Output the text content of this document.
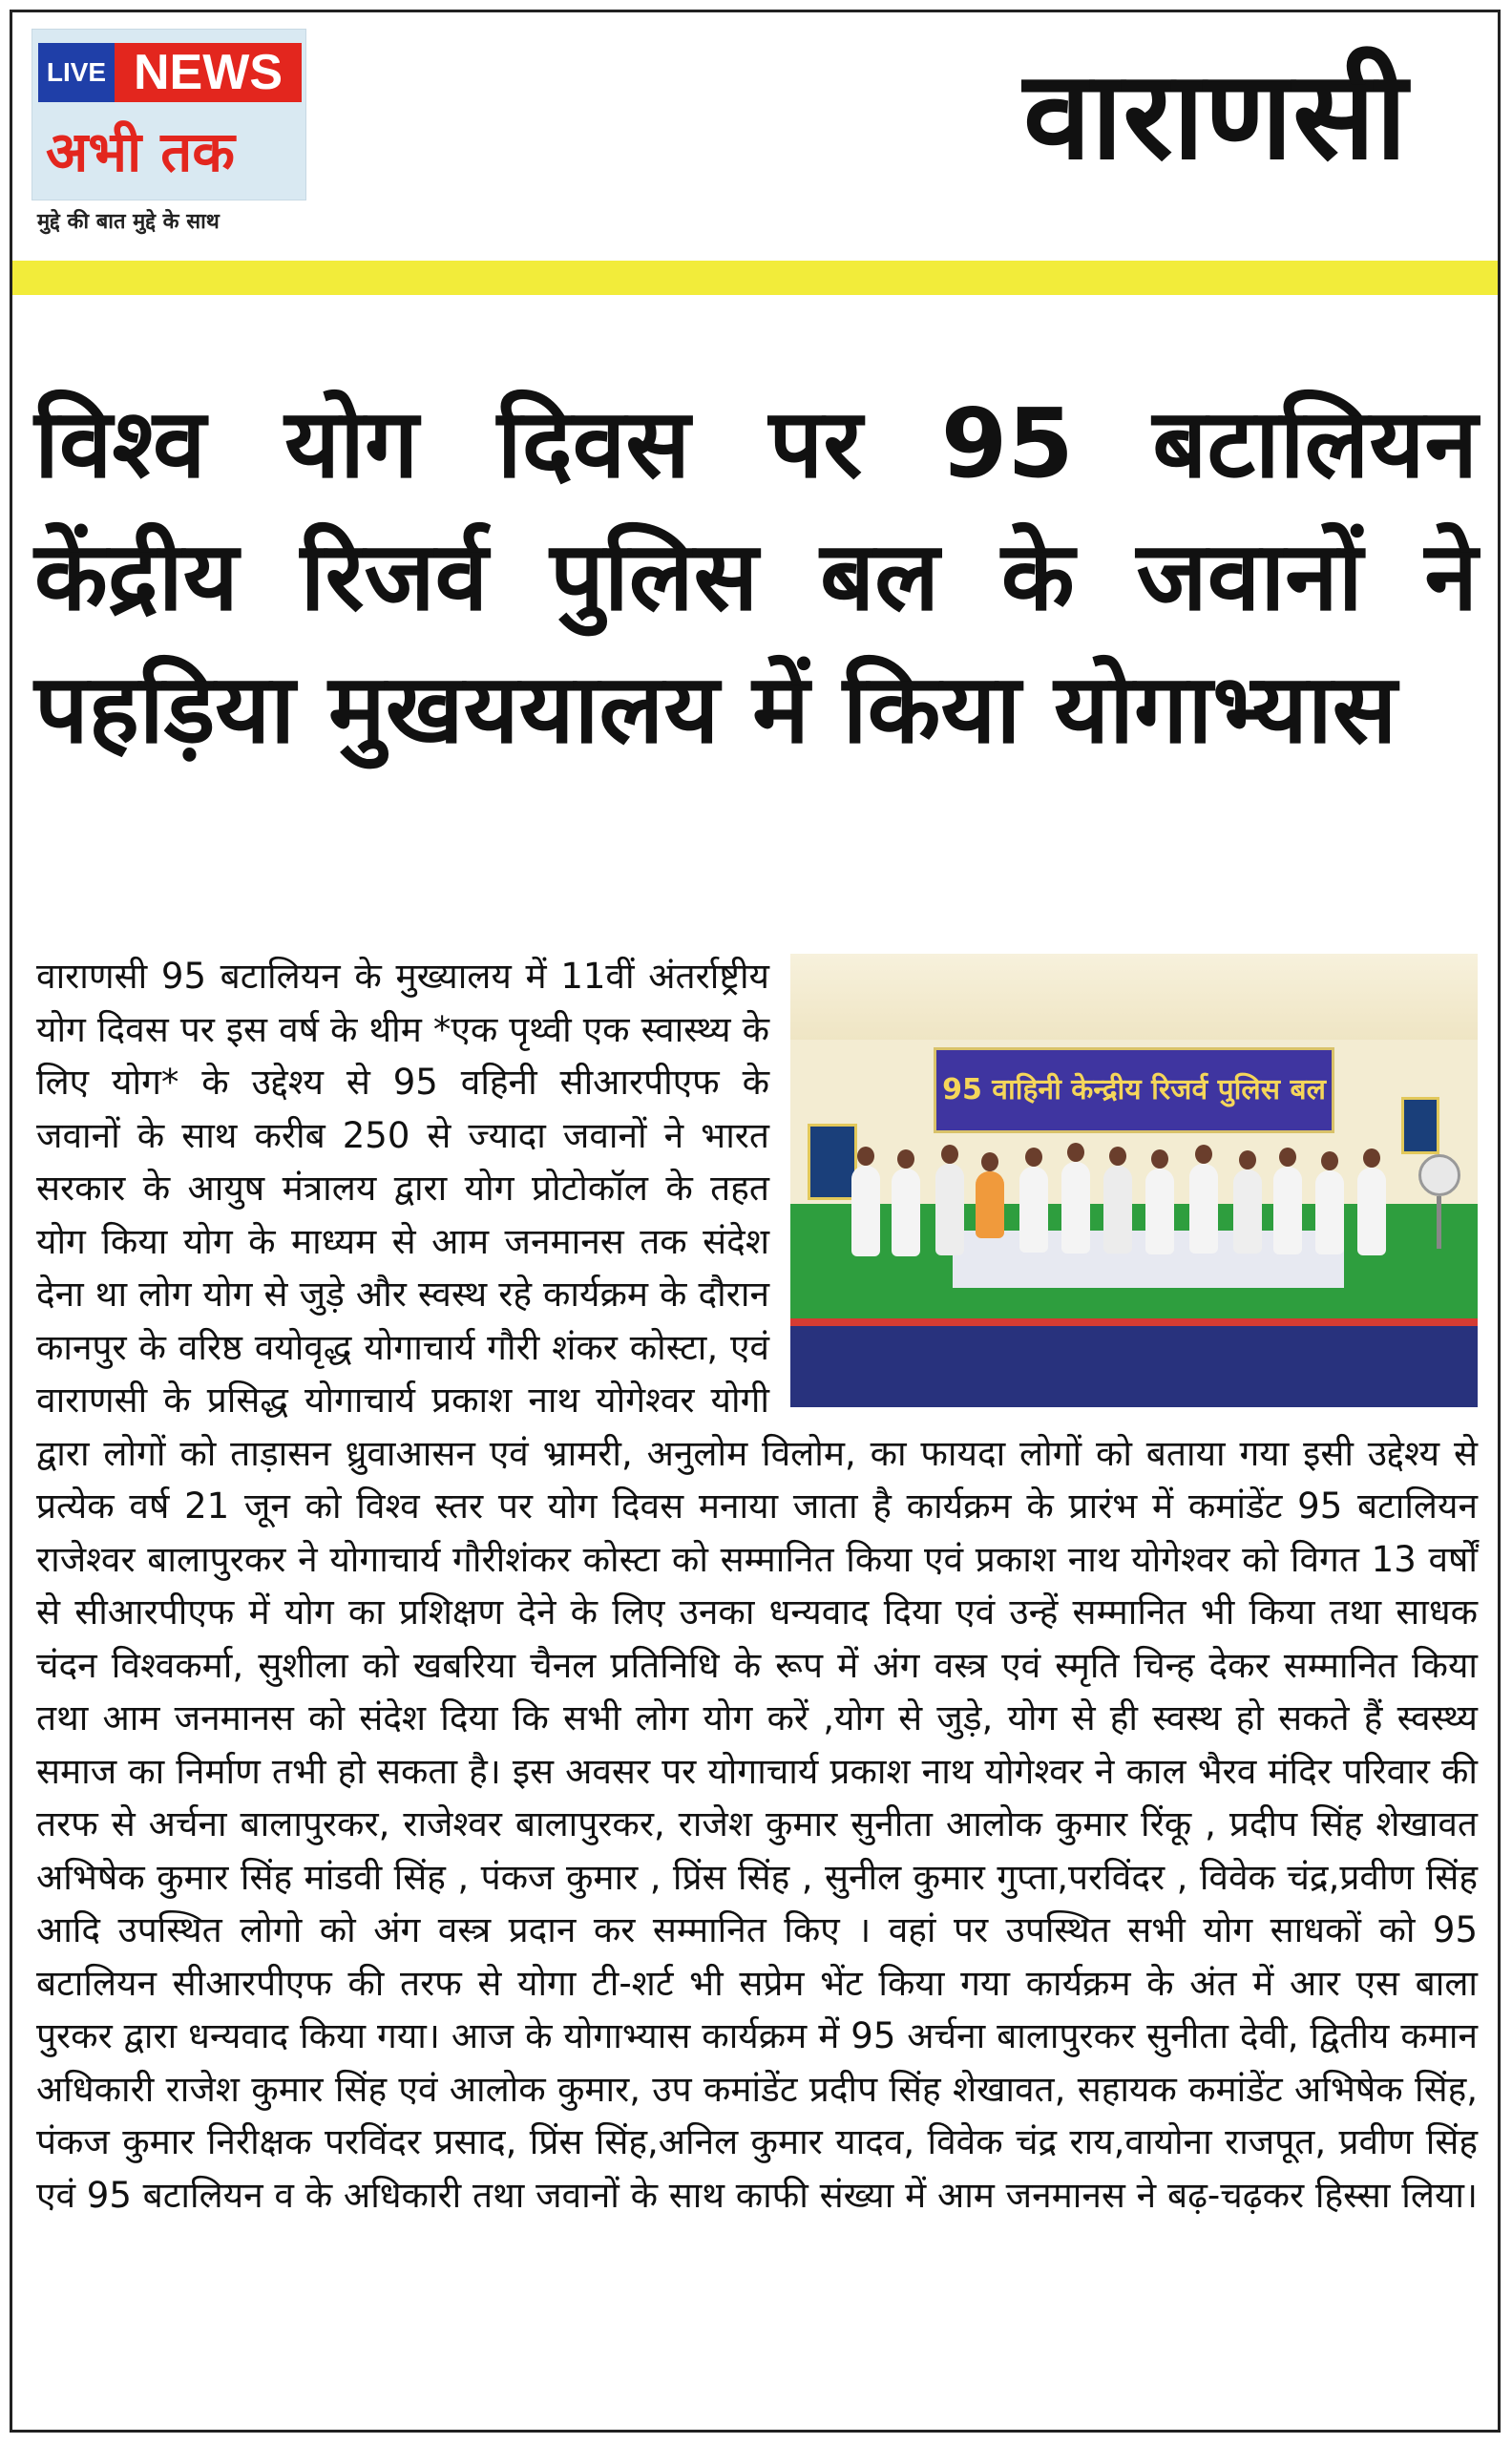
LIVE NEWS
अभी तक
मुद्दे की बात मुद्दे के साथ
वाराणसी
विश्व योग दिवस पर 95 बटालियन केंद्रीय रिजर्व पुलिस बल के जवानों ने पहड़िया मुखययालय में किया योगाभ्यास
95 वाहिनी केन्द्रीय रिजर्व पुलिस बल
वाराणसी 95 बटालियन के मुख्यालय में 11वीं अंतर्राष्ट्रीय योग दिवस पर इस वर्ष के थीम *एक पृथ्वी एक स्वास्थ्य के लिए योग* के उद्देश्य से 95 वहिनी सीआरपीएफ के जवानों के साथ करीब 250 से ज्यादा जवानों ने भारत सरकार के आयुष मंत्रालय द्वारा योग प्रोटोकॉल के तहत योग किया योग के माध्यम से आम जनमानस तक संदेश देना था लोग योग से जुड़े और स्वस्थ रहे कार्यक्रम के दौरान कानपुर के वरिष्ठ वयोवृद्ध योगाचार्य गौरी शंकर कोस्टा, एवं वाराणसी के प्रसिद्ध योगाचार्य प्रकाश नाथ योगेश्वर योगी द्वारा लोगों को ताड़ासन ध्रुवाआसन एवं भ्रामरी, अनुलोम विलोम, का फायदा लोगों को बताया गया इसी उद्देश्य से प्रत्येक वर्ष 21 जून को विश्व स्तर पर योग दिवस मनाया जाता है कार्यक्रम के प्रारंभ में कमांडेंट 95 बटालियन राजेश्वर बालापुरकर ने योगाचार्य गौरीशंकर कोस्टा को सम्मानित किया एवं प्रकाश नाथ योगेश्वर को विगत 13 वर्षों से सीआरपीएफ में योग का प्रशिक्षण देने के लिए उनका धन्यवाद दिया एवं उन्हें सम्मानित भी किया तथा साधक चंदन विश्वकर्मा, सुशीला को खबरिया चैनल प्रतिनिधि के रूप में अंग वस्त्र एवं स्मृति चिन्ह देकर सम्मानित किया तथा आम जनमानस को संदेश दिया कि सभी लोग योग करें ,योग से जुड़े, योग से ही स्वस्थ हो सकते हैं स्वस्थ्य समाज का निर्माण तभी हो सकता है। इस अवसर पर योगाचार्य प्रकाश नाथ योगेश्वर ने काल भैरव मंदिर परिवार की तरफ से अर्चना बालापुरकर, राजेश्वर बालापुरकर, राजेश कुमार सुनीता आलोक कुमार रिंकू , प्रदीप सिंह शेखावत अभिषेक कुमार सिंह मांडवी सिंह , पंकज कुमार , प्रिंस सिंह , सुनील कुमार गुप्ता,परविंदर , विवेक चंद्र,प्रवीण सिंह आदि उपस्थित लोगो को अंग वस्त्र प्रदान कर सम्मानित किए । वहां पर उपस्थित सभी योग साधकों को 95 बटालियन सीआरपीएफ की तरफ से योगा टी-शर्ट भी सप्रेम भेंट किया गया कार्यक्रम के अंत में आर एस बाला पुरकर द्वारा धन्यवाद किया गया। आज के योगाभ्यास कार्यक्रम में 95 अर्चना बालापुरकर सुनीता देवी, द्वितीय कमान अधिकारी राजेश कुमार सिंह एवं आलोक कुमार, उप कमांडेंट प्रदीप सिंह शेखावत, सहायक कमांडेंट अभिषेक सिंह, पंकज कुमार निरीक्षक परविंदर प्रसाद, प्रिंस सिंह,अनिल कुमार यादव, विवेक चंद्र राय,वायोना राजपूत, प्रवीण सिंह एवं 95 बटालियन व के अधिकारी तथा जवानों के साथ काफी संख्या में आम जनमानस ने बढ़-चढ़कर हिस्सा लिया।
